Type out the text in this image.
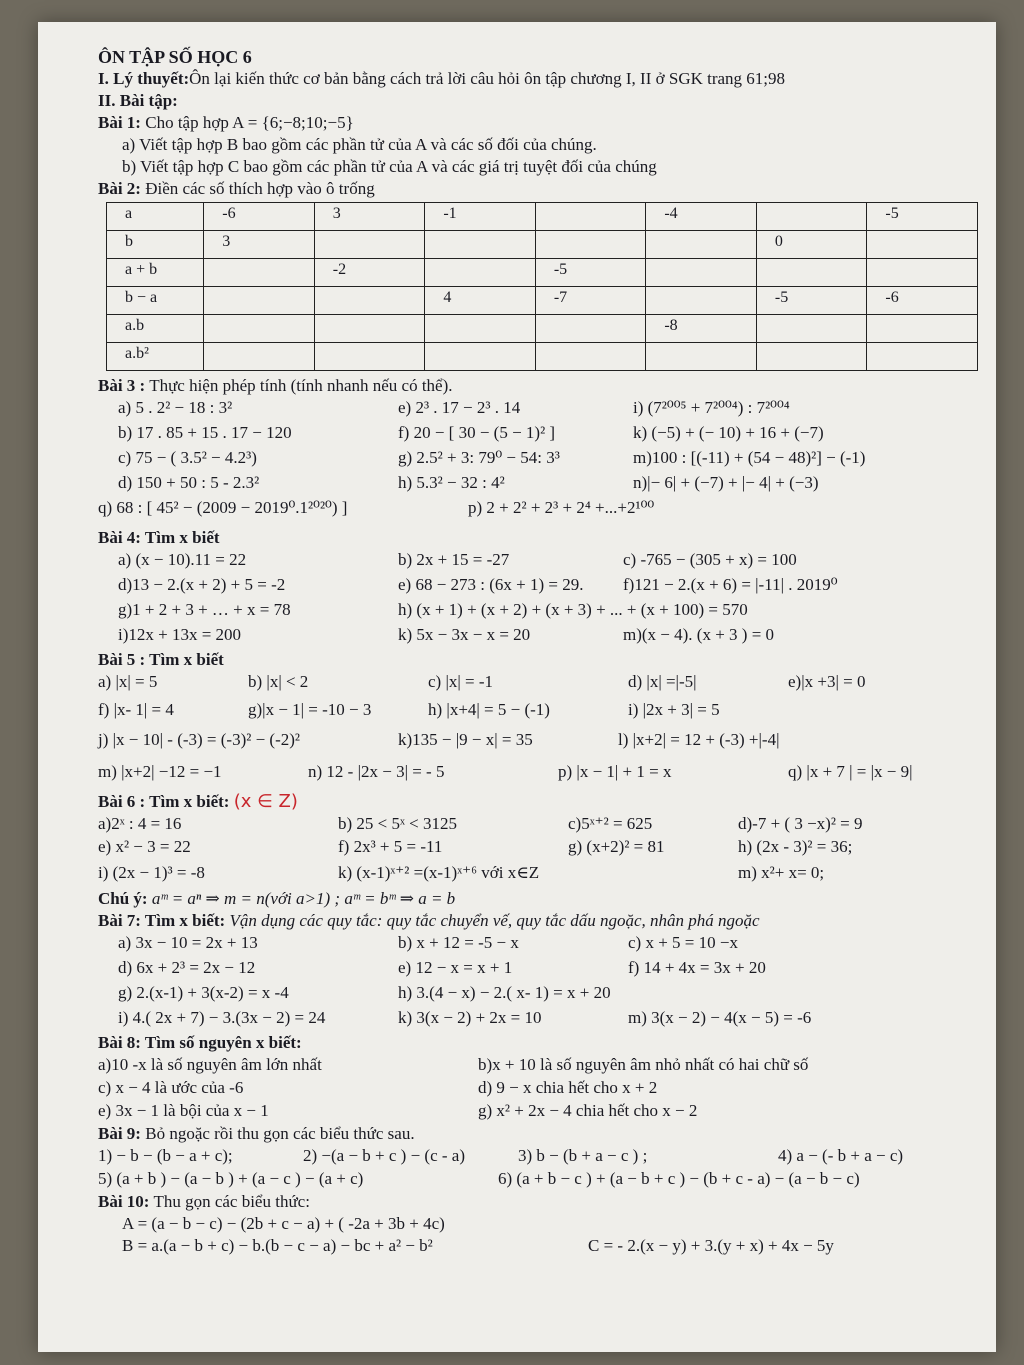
ÔN TẬP SỐ HỌC 6
I. Lý thuyết:Ôn lại kiến thức cơ bản bằng cách trả lời câu hỏi ôn tập chương I, II ở SGK trang 61;98
II. Bài tập:
Bài 1: Cho tập hợp A = {6;−8;10;−5}
a) Viết tập hợp B bao gồm các phần tử của A và các số đối của chúng.
b) Viết tập hợp C bao gồm các phần tử của A và các giá trị tuyệt đối của chúng
Bài 2: Điền các số thích hợp vào ô trống
a	-6	3	-1		-4		-5
b	3					0	
a + b		-2		-5			
b − a			4	-7		-5	-6
a.b					-8		
a.b²							
Bài 3 : Thực hiện phép tính (tính nhanh nếu có thể).
a) 5 . 2² − 18 : 3²	e) 2³ . 17 − 2³ . 14	i) (7²⁰⁰⁵ + 7²⁰⁰⁴) : 7²⁰⁰⁴
b) 17 . 85 + 15 . 17 − 120	f) 20 − [ 30 − (5 − 1)² ]	k) (−5) + (− 10) + 16 + (−7)
c) 75 − ( 3.5² − 4.2³)	g) 2.5² + 3: 79⁰ − 54: 3³	m)100 : [(-11) + (54 − 48)²] − (-1)
d) 150 + 50 : 5 - 2.3²	h) 5.3² − 32 : 4²	n)|− 6| + (−7) + |− 4| + (−3)
q) 68 : [ 45² − (2009 − 2019⁰.1²⁰²⁰) ]	p) 2 + 2² + 2³ + 2⁴ +...+2¹⁰⁰
Bài 4: Tìm x biết
a) (x − 10).11 = 22	b) 2x + 15 = -27	c) -765 − (305 + x) = 100
d)13 − 2.(x + 2) + 5 = -2	e) 68 − 273 : (6x + 1) = 29. f)121 − 2.(x + 6) = |-11| . 2019⁰
g)1 + 2 + 3 + … + x = 78	h) (x + 1) + (x + 2) + (x + 3) + ... + (x + 100) = 570
i)12x + 13x = 200	k) 5x − 3x − x = 20	m)(x − 4). (x + 3 ) = 0
Bài 5 : Tìm x biết
a) |x| = 5	b) |x| < 2	c) |x| = -1	d) |x| =|-5|	e)|x +3| = 0
f) |x- 1| = 4	g)|x − 1| = -10 − 3	h) |x+4| = 5 − (-1)	i) |2x + 3| = 5
j) |x − 10| - (-3) = (-3)² − (-2)²	k)135 − |9 − x| = 35	l) |x+2| = 12 + (-3) +|-4|
m) |x+2| −12 = −1	n) 12 - |2x − 3| = - 5	p) |x − 1| + 1 = x	q) |x + 7 | = |x − 9|
Bài 6 : Tìm x biết: (x ∈ Z)
a)2ˣ : 4 = 16	b) 25 < 5ˣ < 3125	c)5ˣ⁺² = 625	d)-7 + ( 3 −x)² = 9
e) x² − 3 = 22	f) 2x³ + 5 = -11	g) (x+2)² = 81	h) (2x - 3)² = 36;
i) (2x − 1)³ = -8	k) (x-1)ˣ⁺² =(x-1)ˣ⁺⁶ với x∈Z	m) x²+ x= 0;
Chú ý: aᵐ = aⁿ ⇒ m = n(với a>1) ; aᵐ = bᵐ ⇒ a = b
Bài 7: Tìm x biết: Vận dụng các quy tắc: quy tắc chuyển vế, quy tắc dấu ngoặc, nhân phá ngoặc
a) 3x − 10 = 2x + 13	b) x + 12 = -5 − x	c) x + 5 = 10 −x
d) 6x + 2³ = 2x − 12	e) 12 − x = x + 1	f) 14 + 4x = 3x + 20
g) 2.(x-1) + 3(x-2) = x -4	h) 3.(4 − x) − 2.( x- 1) = x + 20
i) 4.( 2x + 7) − 3.(3x − 2) = 24	k) 3(x − 2) + 2x = 10	m) 3(x − 2) − 4(x − 5) = -6
Bài 8: Tìm số nguyên x biết:
a)10 -x là số nguyên âm lớn nhất	b)x + 10 là số nguyên âm nhỏ nhất có hai chữ số
c) x − 4 là ước của -6	d) 9 − x chia hết cho x + 2
e) 3x − 1 là bội của x − 1	g) x² + 2x − 4 chia hết cho x − 2
Bài 9: Bỏ ngoặc rồi thu gọn các biểu thức sau.
1) − b − (b − a + c);	2) −(a − b + c ) − (c - a)	3) b − (b + a − c ) ;	4) a − (- b + a − c)
5) (a + b ) − (a − b ) + (a − c ) − (a + c)	6) (a + b − c ) + (a − b + c ) − (b + c - a) − (a − b − c)
Bài 10: Thu gọn các biểu thức:
A = (a − b − c) − (2b + c − a) + ( -2a + 3b + 4c)
B = a.(a − b + c) − b.(b − c − a) − bc + a² − b²	C = - 2.(x − y) + 3.(y + x) + 4x − 5y
